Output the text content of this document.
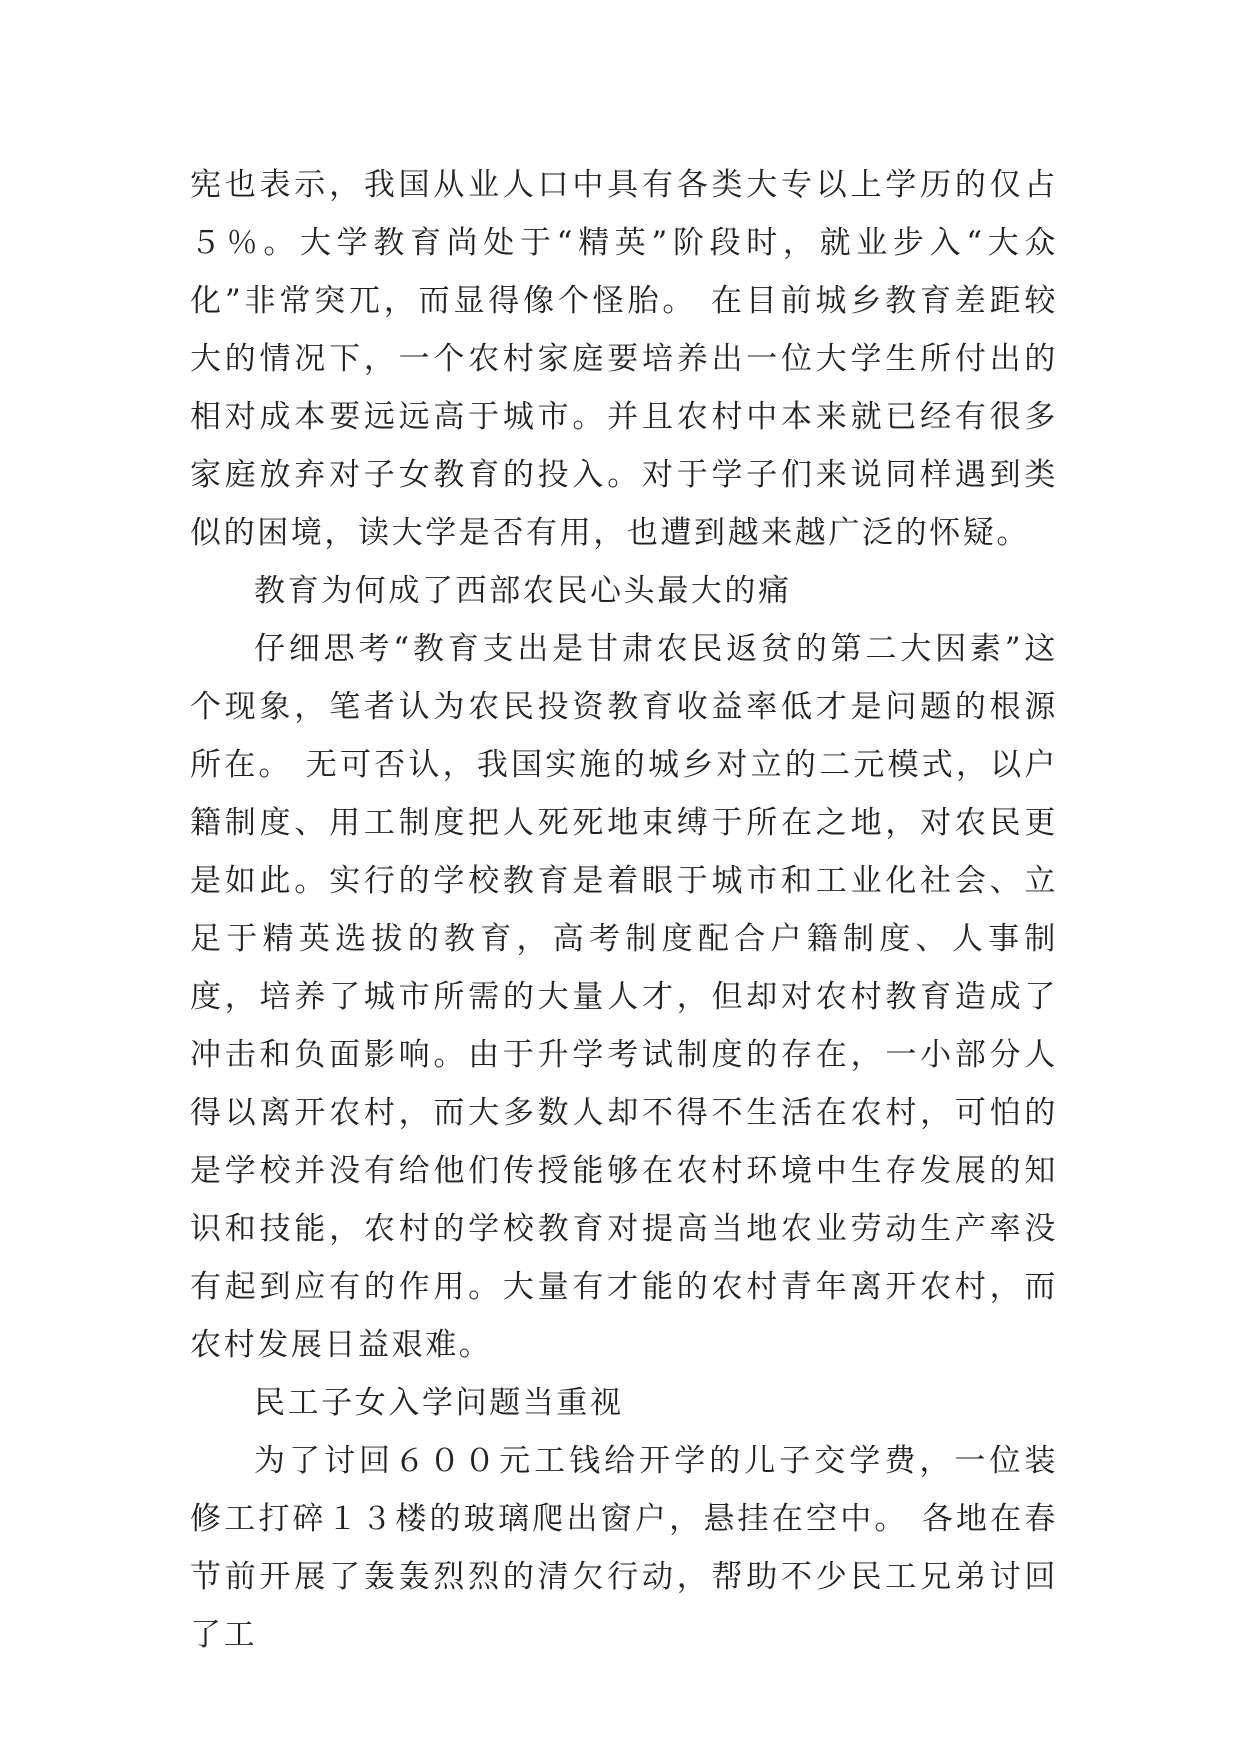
宪也表示，我国从业人口中具有各类大专以上学历的仅占５％。大学教育尚处于“精英”阶段时，就业步入“大众化”非常突兀，而显得像个怪胎。 在目前城乡教育差距较大的情况下，一个农村家庭要培养出一位大学生所付出的相对成本要远远高于城市。并且农村中本来就已经有很多家庭放弃对子女教育的投入。对于学子们来说同样遇到类似的困境，读大学是否有用，也遭到越来越广泛的怀疑。

教育为何成了西部农民心头最大的痛

仔细思考“教育支出是甘肃农民返贫的第二大因素”这个现象，笔者认为农民投资教育收益率低才是问题的根源所在。 无可否认，我国实施的城乡对立的二元模式，以户籍制度、用工制度把人死死地束缚于所在之地，对农民更是如此。实行的学校教育是着眼于城市和工业化社会、立足于精英选拔的教育，高考制度配合户籍制度、人事制度，培养了城市所需的大量人才，但却对农村教育造成了冲击和负面影响。由于升学考试制度的存在，一小部分人得以离开农村，而大多数人却不得不生活在农村，可怕的是学校并没有给他们传授能够在农村环境中生存发展的知识和技能，农村的学校教育对提高当地农业劳动生产率没有起到应有的作用。大量有才能的农村青年离开农村，而农村发展日益艰难。

民工子女入学问题当重视

为了讨回６００元工钱给开学的儿子交学费，一位装修工打碎１３楼的玻璃爬出窗户，悬挂在空中。 各地在春节前开展了轰轰烈烈的清欠行动，帮助不少民工兄弟讨回了工
